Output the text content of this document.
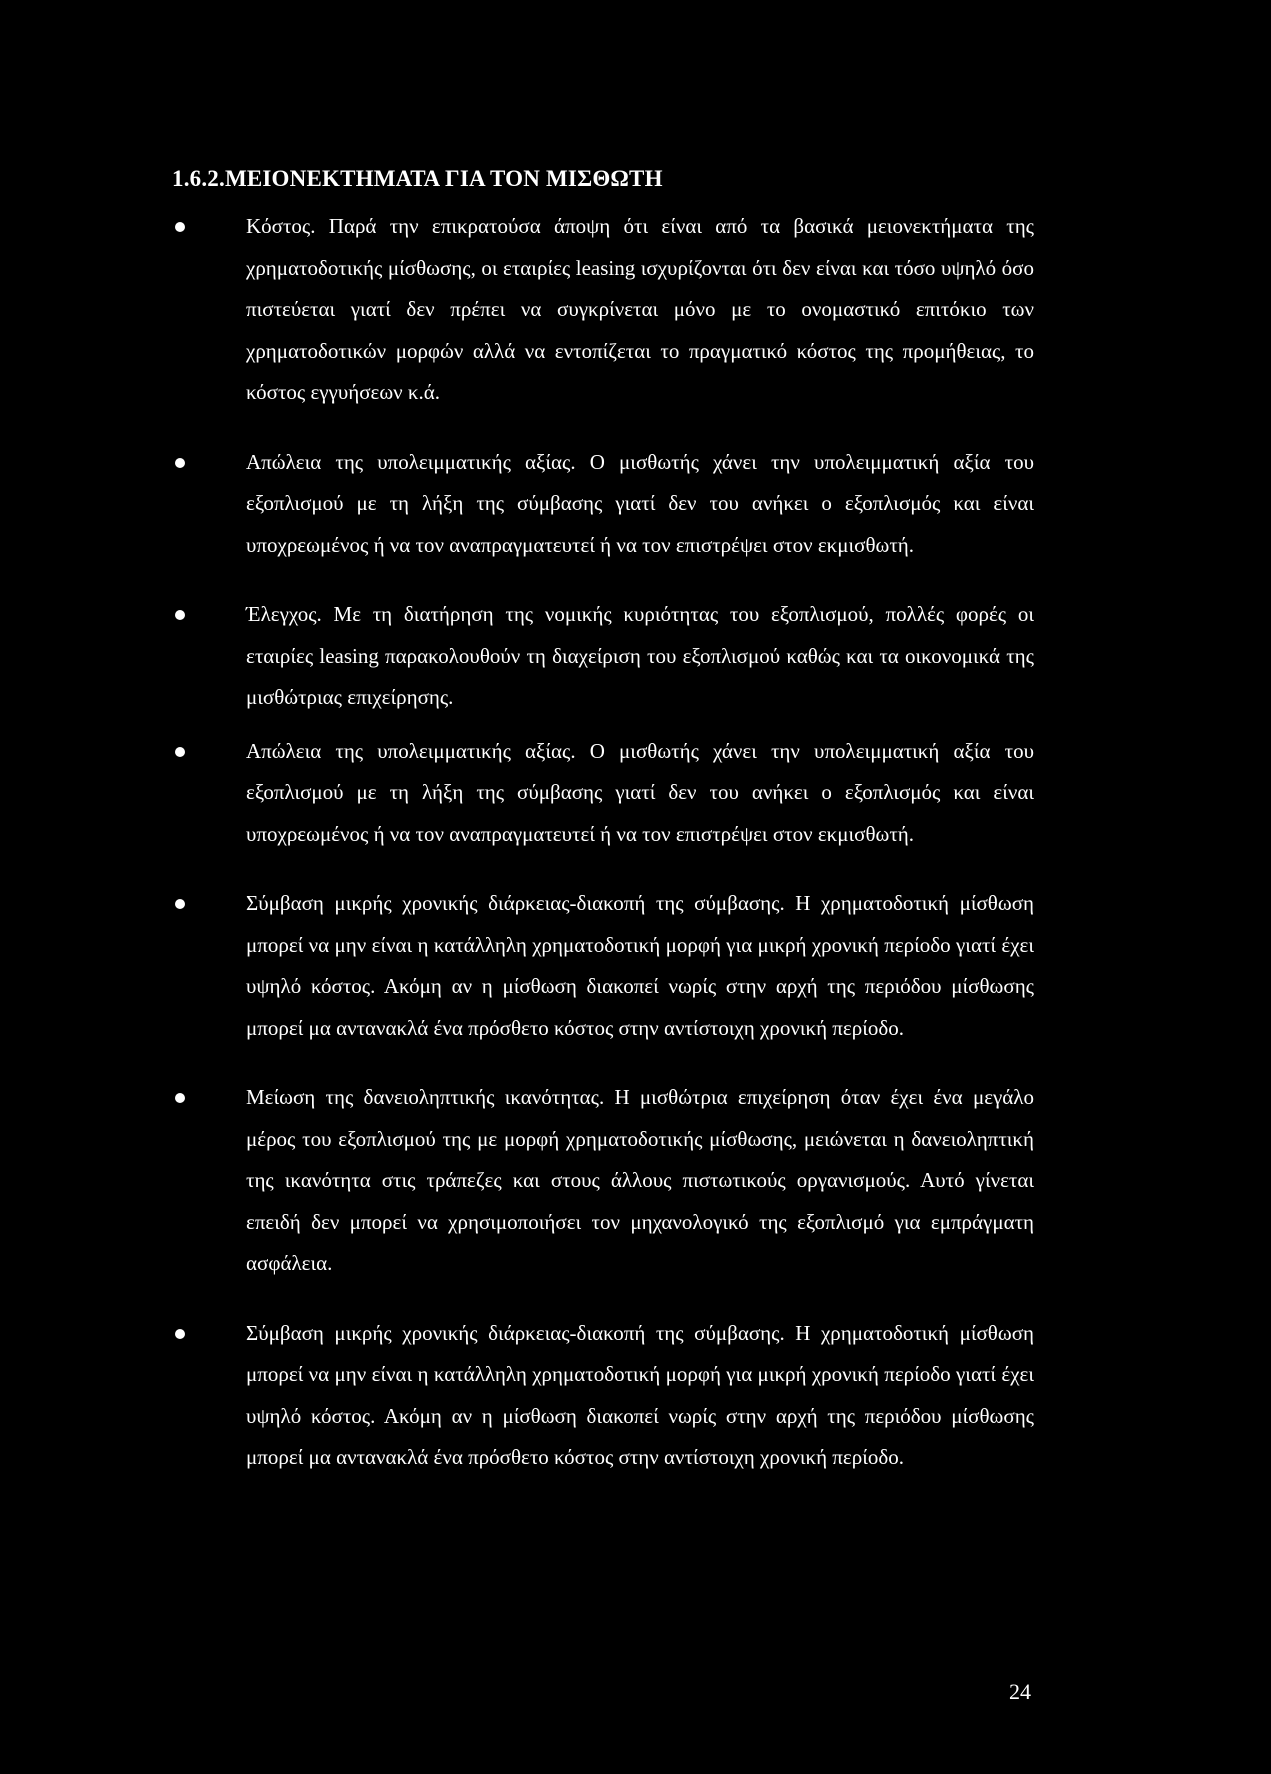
1.6.2.ΜΕΙΟΝΕΚΤΗΜΑΤΑ ΓΙΑ ΤΟΝ ΜΙΣΘΩΤΗ
Κόστος. Παρά την επικρατούσα άποψη ότι είναι από τα βασικά μειονεκτήματα της χρηματοδοτικής μίσθωσης, οι εταιρίες leasing ισχυρίζονται ότι δεν είναι και τόσο υψηλό όσο πιστεύεται γιατί δεν πρέπει να συγκρίνεται μόνο με το ονομαστικό επιτόκιο των χρηματοδοτικών μορφών αλλά να εντοπίζεται το πραγματικό κόστος της προμήθειας, το κόστος εγγυήσεων κ.ά.
Απώλεια της υπολειμματικής αξίας. Ο μισθωτής χάνει την υπολειμματική αξία του εξοπλισμού με τη λήξη της σύμβασης γιατί δεν του ανήκει ο εξοπλισμός και είναι υποχρεωμένος ή να τον αναπραγματευτεί ή να τον επιστρέψει στον εκμισθωτή.
Έλεγχος. Με τη διατήρηση της νομικής κυριότητας του εξοπλισμού, πολλές φορές οι εταιρίες leasing παρακολουθούν τη διαχείριση του εξοπλισμού καθώς και τα οικονομικά της μισθώτριας επιχείρησης.
Απώλεια της υπολειμματικής αξίας. Ο μισθωτής χάνει την υπολειμματική αξία του εξοπλισμού με τη λήξη της σύμβασης γιατί δεν του ανήκει ο εξοπλισμός και είναι υποχρεωμένος ή να τον αναπραγματευτεί ή να τον επιστρέψει στον εκμισθωτή.
Σύμβαση μικρής χρονικής διάρκειας-διακοπή της σύμβασης. Η χρηματοδοτική μίσθωση μπορεί να μην είναι η κατάλληλη χρηματοδοτική μορφή για μικρή χρονική περίοδο γιατί έχει υψηλό κόστος. Ακόμη αν η μίσθωση διακοπεί νωρίς στην αρχή της περιόδου μίσθωσης μπορεί μα αντανακλά ένα πρόσθετο κόστος στην αντίστοιχη χρονική περίοδο.
Μείωση της δανειοληπτικής ικανότητας. Η μισθώτρια επιχείρηση όταν έχει ένα μεγάλο μέρος του εξοπλισμού της με μορφή χρηματοδοτικής μίσθωσης, μειώνεται η δανειοληπτική της ικανότητα στις τράπεζες και στους άλλους πιστωτικούς οργανισμούς. Αυτό γίνεται επειδή δεν μπορεί να χρησιμοποιήσει τον μηχανολογικό της εξοπλισμό για εμπράγματη ασφάλεια.
Σύμβαση μικρής χρονικής διάρκειας-διακοπή της σύμβασης. Η χρηματοδοτική μίσθωση μπορεί να μην είναι η κατάλληλη χρηματοδοτική μορφή για μικρή χρονική περίοδο γιατί έχει υψηλό κόστος. Ακόμη αν η μίσθωση διακοπεί νωρίς στην αρχή της περιόδου μίσθωσης μπορεί μα αντανακλά ένα πρόσθετο κόστος στην αντίστοιχη χρονική περίοδο.
24
